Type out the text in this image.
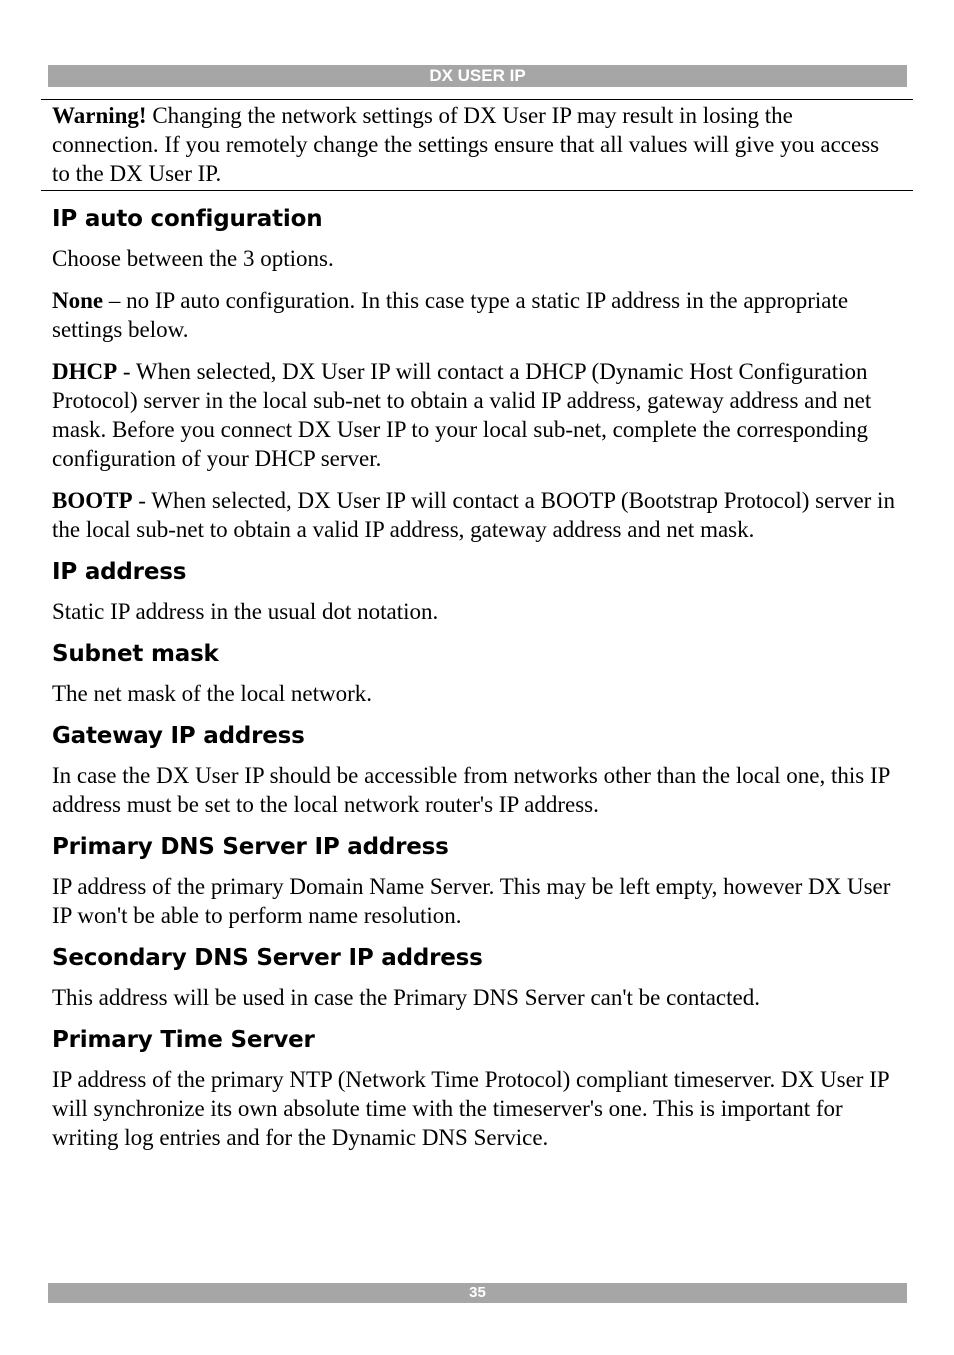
DX USER IP
Warning! Changing the network settings of DX User IP may result in losing the connection. If you remotely change the settings ensure that all values will give you access to the DX User IP.
IP auto configuration

Choose between the 3 options.

None – no IP auto configuration. In this case type a static IP address in the appropriate settings below.

DHCP - When selected, DX User IP will contact a DHCP (Dynamic Host Configuration Protocol) server in the local sub-net to obtain a valid IP address, gateway address and net mask. Before you connect DX User IP to your local sub-net, complete the corresponding configuration of your DHCP server.

BOOTP - When selected, DX User IP will contact a BOOTP (Bootstrap Protocol) server in the local sub-net to obtain a valid IP address, gateway address and net mask.

IP address

Static IP address in the usual dot notation.

Subnet mask

The net mask of the local network.

Gateway IP address

In case the DX User IP should be accessible from networks other than the local one, this IP address must be set to the local network router's IP address.

Primary DNS Server IP address

IP address of the primary Domain Name Server. This may be left empty, however DX User IP won't be able to perform name resolution.

Secondary DNS Server IP address

This address will be used in case the Primary DNS Server can't be contacted.

Primary Time Server

IP address of the primary NTP (Network Time Protocol) compliant timeserver. DX User IP will synchronize its own absolute time with the timeserver's one. This is important for writing log entries and for the Dynamic DNS Service.

35
